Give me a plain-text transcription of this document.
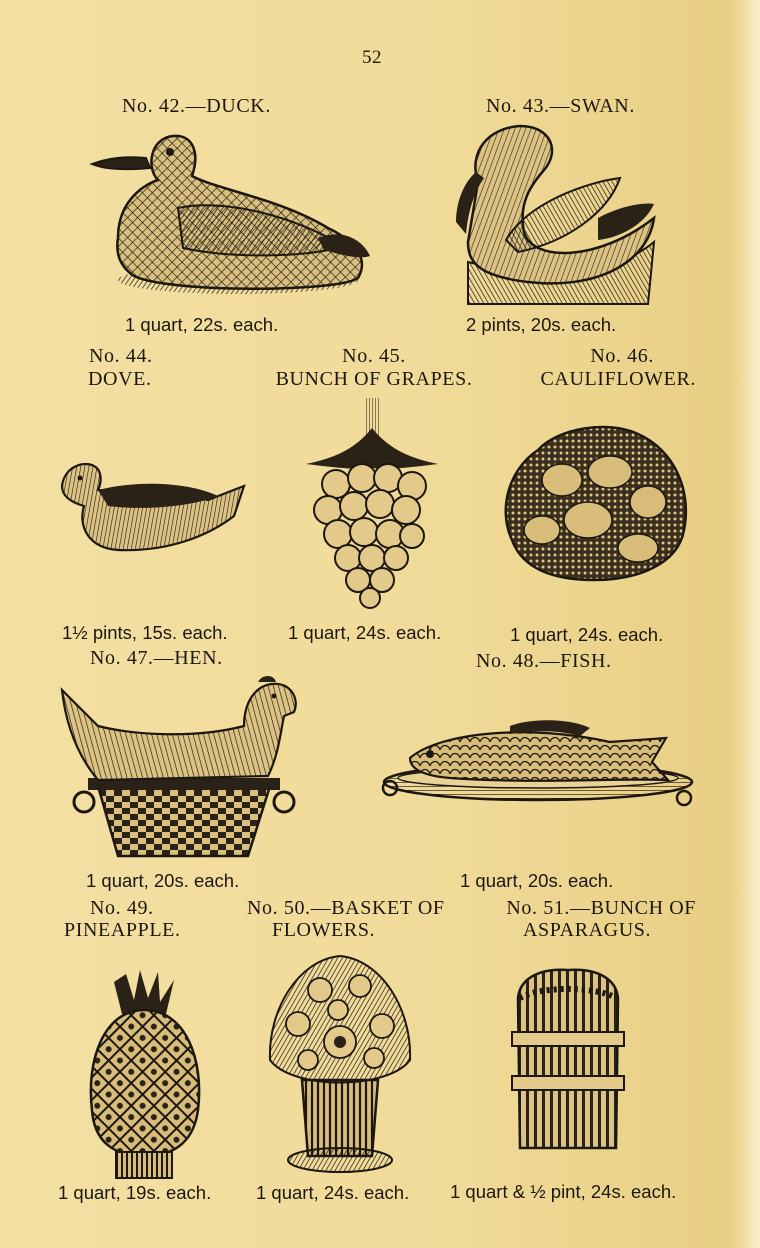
52
No. 42.—DUCK.	No. 43.—SWAN.
1 quart, 22s. each.	2 pints, 20s. each.
No. 44.
DOVE.
No. 45.
BUNCH OF GRAPES.
No. 46.
CAULIFLOWER.
1½ pints, 15s. each.	1 quart, 24s. each.	1 quart, 24s. each.
No. 47.—HEN.	No. 48.—FISH.
1 quart, 20s. each.	1 quart, 20s. each.
No. 49.
PINEAPPLE.
No. 50.—BASKET OF
FLOWERS.
No. 51.—BUNCH OF
ASPARAGUS.
1 quart, 19s. each. 1 quart, 24s. each. 1 quart & ½ pint, 24s. each.
